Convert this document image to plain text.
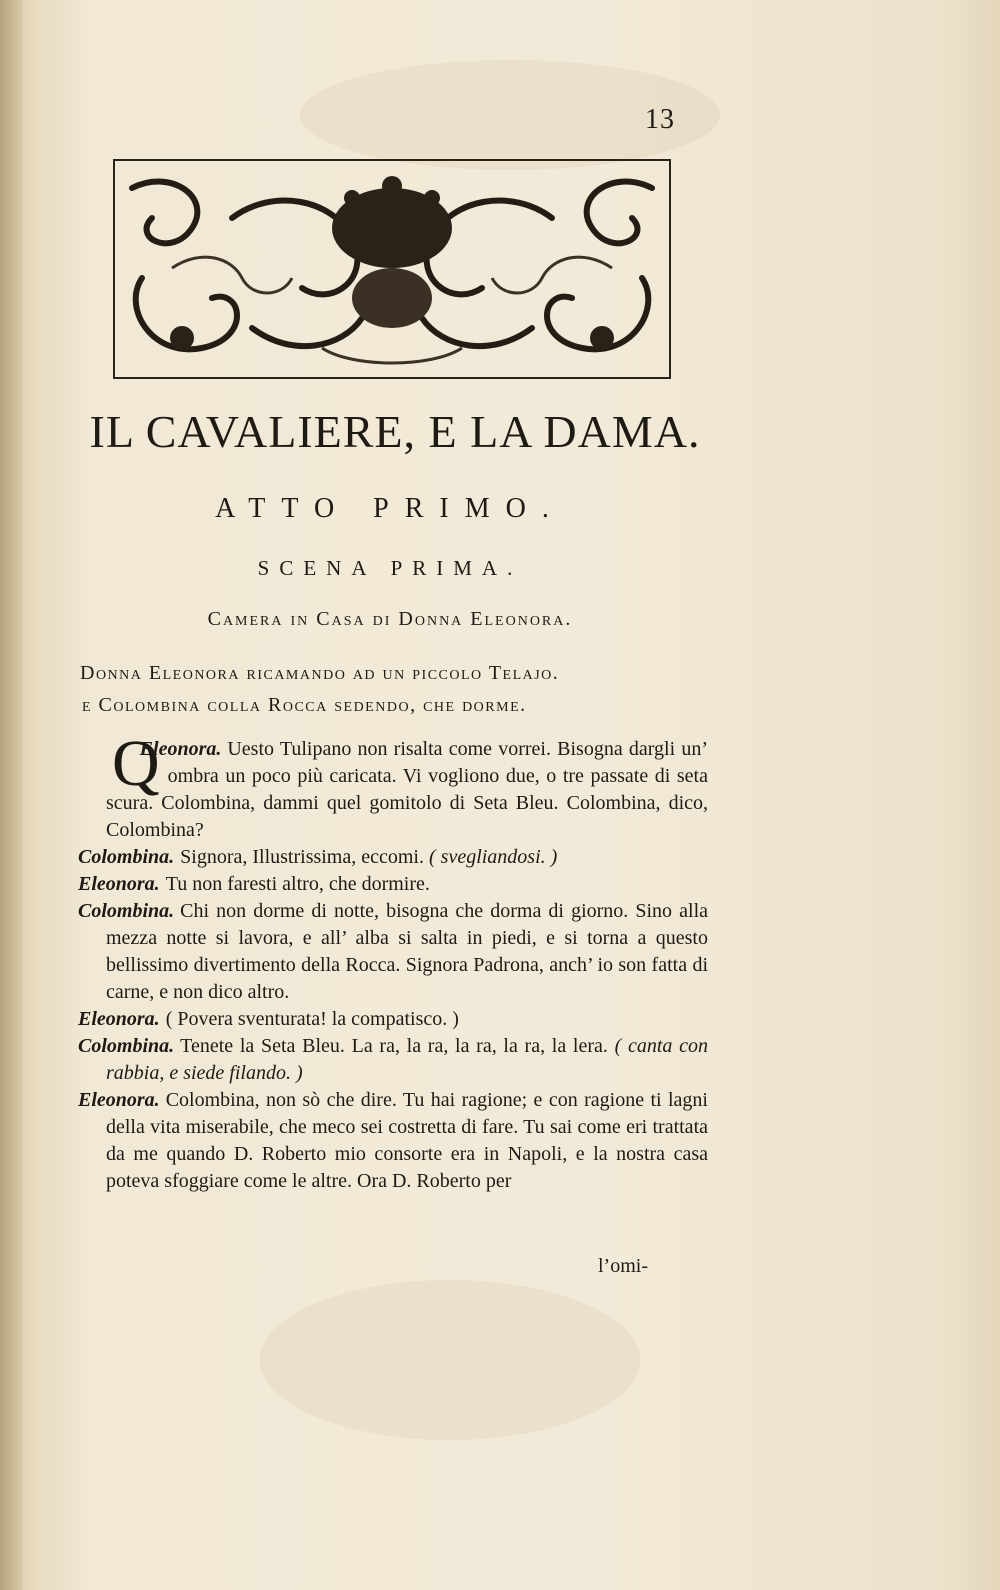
13
IL CAVALIERE, E LA DAMA.
ATTO PRIMO.
SCENA PRIMA.
Camera in Casa di Donna Eleonora.
Donna Eleonora ricamando ad un piccolo Telajo.
e Colombina colla Rocca sedendo, che dorme.

Eleonora.
Q	Uesto Tulipano non risalta come vorrei. Bisogna dargli un’ ombra un poco più caricata. Vi vogliono due, o tre passate di seta scura. Colombina, dammi quel gomitolo di Seta Bleu. Colombina, dico, Colombina?

Colombina. Signora, Illustrissima, eccomi. ( svegliandosi. )

Eleonora. Tu non faresti altro, che dormire.

Colombina. Chi non dorme di notte, bisogna che dorma di giorno. Sino alla mezza notte si lavora, e all’ alba si salta in piedi, e si torna a questo bellissimo divertimento della Rocca. Signora Padrona, anch’ io son fatta di carne, e non dico altro.

Eleonora. ( Povera sventurata! la compatisco. )

Colombina. Tenete la Seta Bleu. La ra, la ra, la ra, la ra, la lera. ( canta con rabbia, e siede filando. )

Eleonora. Colombina, non sò che dire. Tu hai ragione; e con ragione ti lagni della vita miserabile, che meco sei costretta di fare. Tu sai come eri trattata da me quando D. Roberto mio consorte era in Napoli, e la nostra casa poteva sfoggiare come le altre. Ora D. Roberto per

l’omi-
